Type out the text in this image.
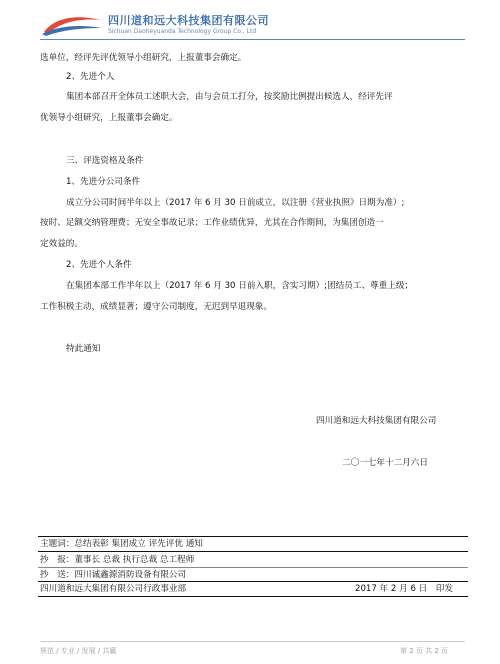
四川道和远大科技集团有限公司
Sichuan Daoheyuanda Technology Group Co., Ltd
选单位，经评先评优领导小组研究，上报董事会确定。
2、先进个人
集团本部召开全体员工述职大会，由与会员工打分，按奖励比例提出候选人，经评先评
优领导小组研究，上报董事会确定。
三、评选资格及条件
1、先进分公司条件
成立分公司时间半年以上（2017 年 6 月 30 日前成立，以注册《营业执照》日期为准）;
按时、足额交纳管理费；无安全事故记录；工作业绩优异，尤其在合作期间，为集团创造一
定效益的。
2、先进个人条件
在集团本部工作半年以上（2017 年 6 月 30 日前入职，含实习期）;团结员工、尊重上级；
工作积极主动，成绩显著；遵守公司制度，无迟到早退现象。
特此通知
四川道和远大科技集团有限公司
二〇一七年十二月六日
主题词：总结表彰 集团成立 评先评优 通知
抄　报：董事长 总裁 执行总裁 总工程师
抄　送：四川诚鑫源消防设备有限公司
四川道和远大集团有限公司行政事业部	2017 年 2 月 6 日　印发
规范 / 专业 / 发展 / 共赢	第 2 页 共 2 页
